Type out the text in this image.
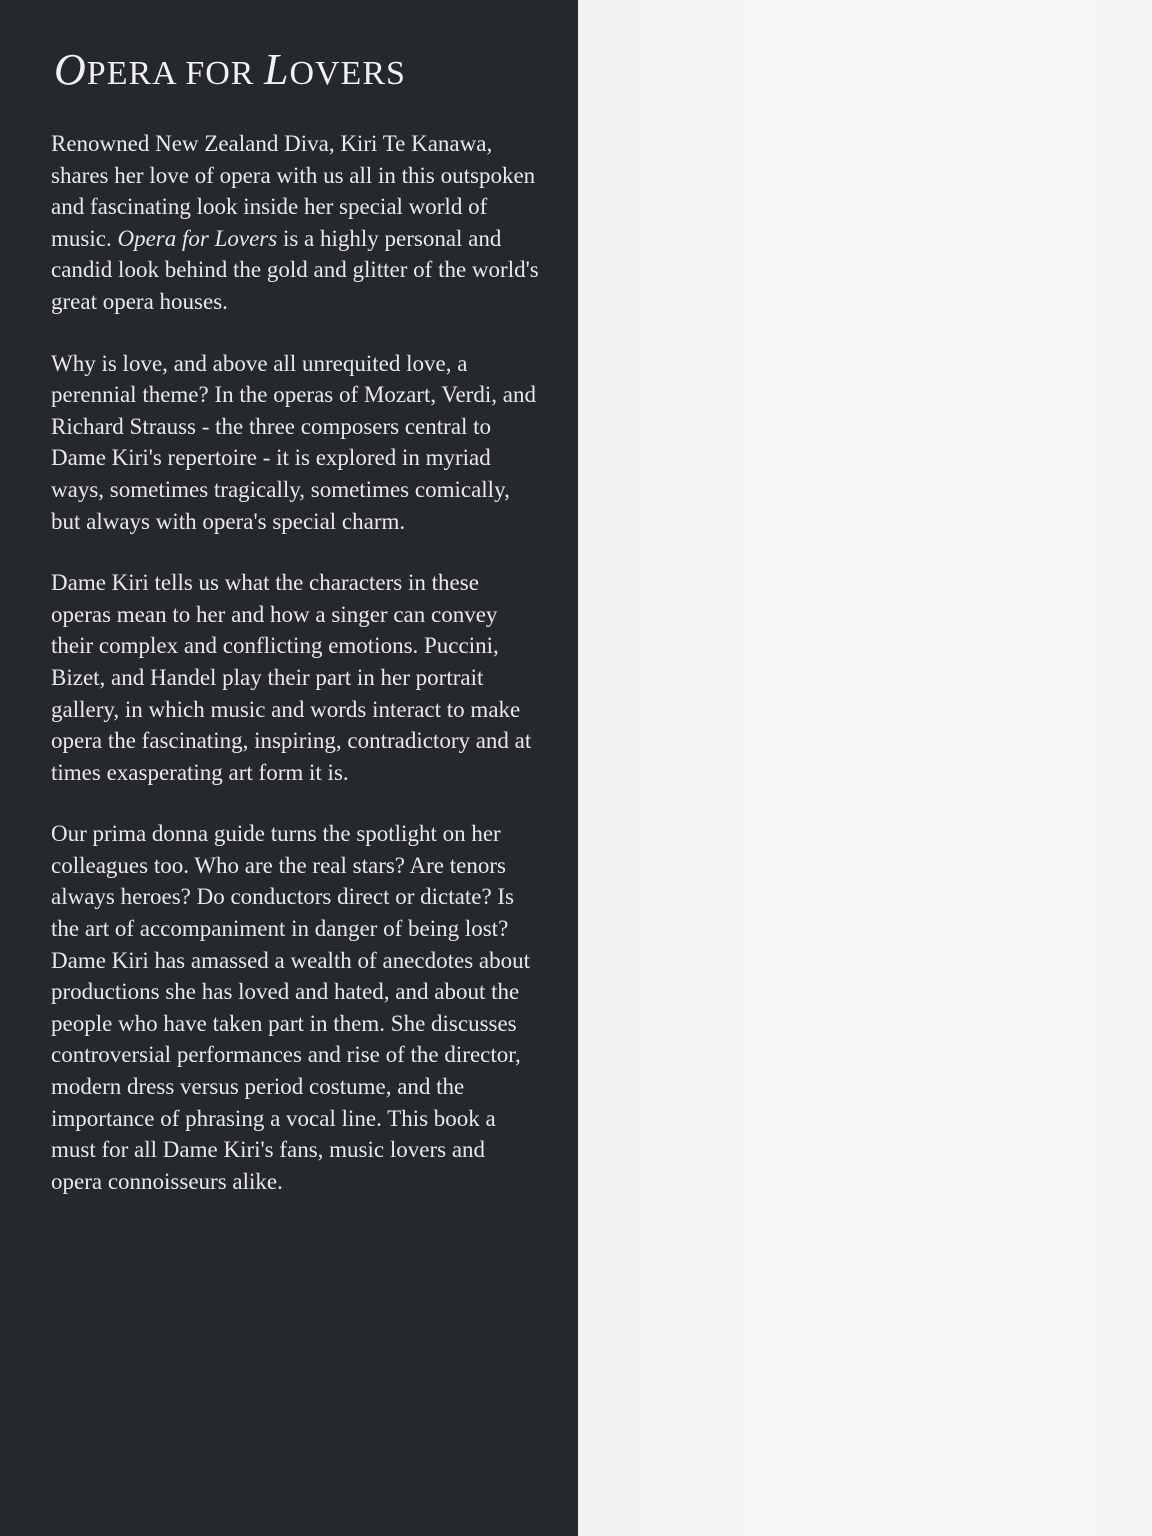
OPERA FOR LOVERS

Renowned New Zealand Diva, Kiri Te Kanawa, shares her love of opera with us all in this outspoken and fascinating look inside her special world of music. Opera for Lovers is a highly personal and candid look behind the gold and glitter of the world's great opera houses.

Why is love, and above all unrequited love, a perennial theme? In the operas of Mozart, Verdi, and Richard Strauss - the three composers central to Dame Kiri's repertoire - it is explored in myriad ways, sometimes tragically, sometimes comically, but always with opera's special charm.

Dame Kiri tells us what the characters in these operas mean to her and how a singer can convey their complex and conflicting emotions. Puccini, Bizet, and Handel play their part in her portrait gallery, in which music and words interact to make opera the fascinating, inspiring, contradictory and at times exasperating art form it is.

Our prima donna guide turns the spotlight on her colleagues too. Who are the real stars? Are tenors always heroes? Do conductors direct or dictate? Is the art of accompaniment in danger of being lost? Dame Kiri has amassed a wealth of anecdotes about productions she has loved and hated, and about the people who have taken part in them. She discusses controversial performances and rise of the director, modern dress versus period costume, and the importance of phrasing a vocal line. This book a must for all Dame Kiri's fans, music lovers and opera connoisseurs alike.
